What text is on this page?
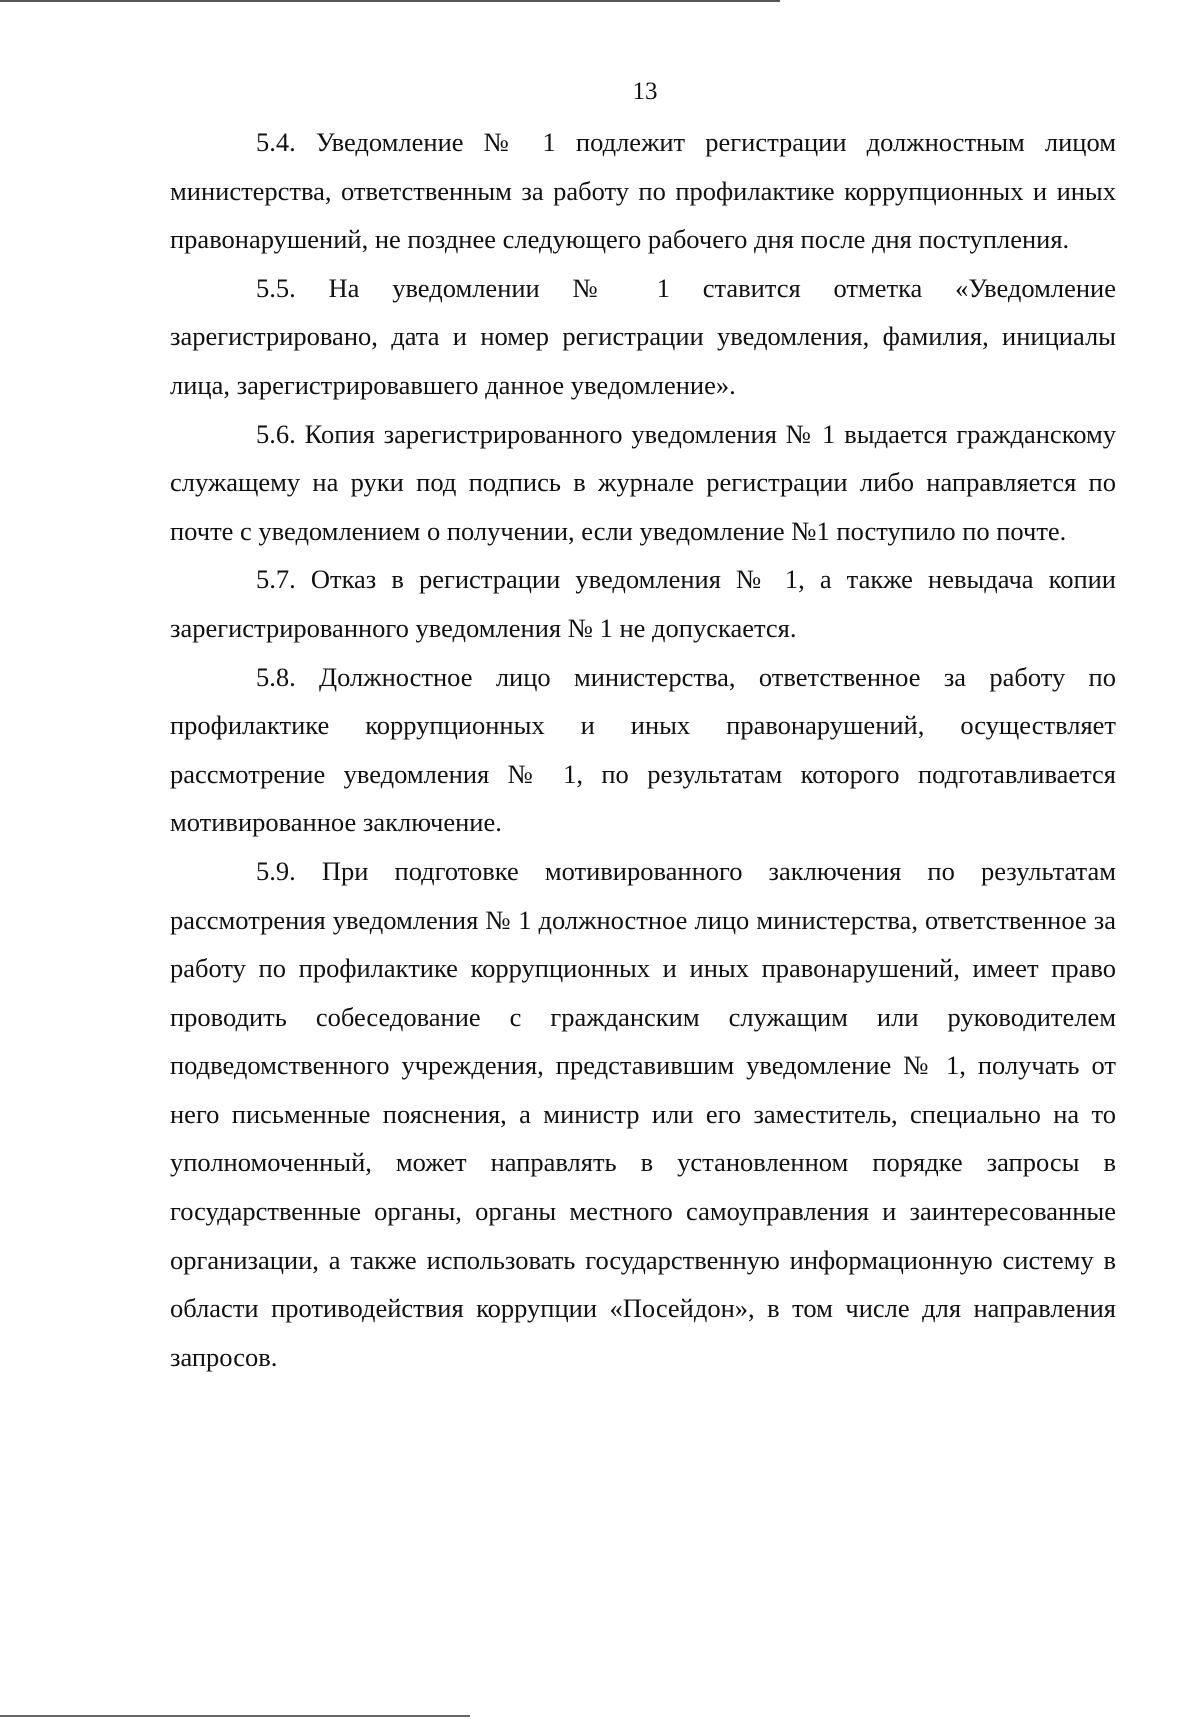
13

5.4. Уведомление № 1 подлежит регистрации должностным лицом министерства, ответственным за работу по профилактике коррупционных и иных правонарушений, не позднее следующего рабочего дня после дня поступления.

5.5. На уведомлении № 1 ставится отметка «Уведомление зарегистрировано, дата и номер регистрации уведомления, фамилия, инициалы лица, зарегистрировавшего данное уведомление».

5.6. Копия зарегистрированного уведомления № 1 выдается гражданскому служащему на руки под подпись в журнале регистрации либо направляется по почте с уведомлением о получении, если уведомление №1 поступило по почте.

5.7. Отказ в регистрации уведомления № 1, а также невыдача копии зарегистрированного уведомления № 1 не допускается.

5.8. Должностное лицо министерства, ответственное за работу по профилактике коррупционных и иных правонарушений, осуществляет рассмотрение уведомления № 1, по результатам которого подготавливается мотивированное заключение.

5.9. При подготовке мотивированного заключения по результатам рассмотрения уведомления № 1 должностное лицо министерства, ответственное за работу по профилактике коррупционных и иных правонарушений, имеет право проводить собеседование с гражданским служащим или руководителем подведомственного учреждения, представившим уведомление № 1, получать от него письменные пояснения, а министр или его заместитель, специально на то уполномоченный, может направлять в установленном порядке запросы в государственные органы, органы местного самоуправления и заинтересованные организации, а также использовать государственную информационную систему в области противодействия коррупции «Посейдон», в том числе для направления запросов.
